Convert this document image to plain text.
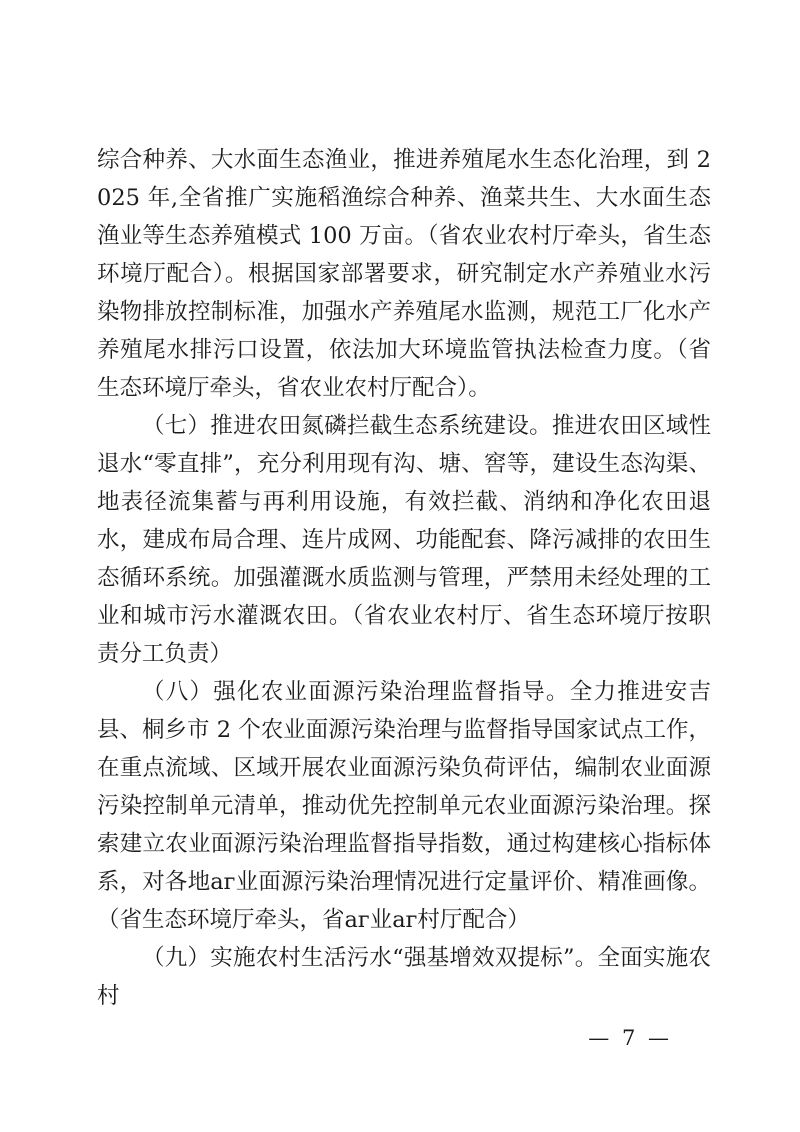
综合种养、大水面生态渔业，推进养殖尾水生态化治理，到 2025 年,全省推广实施稻渔综合种养、渔菜共生、大水面生态渔业等生态养殖模式 100 万亩。（省农业农村厅牵头，省生态环境厅配合）。根据国家部署要求，研究制定水产养殖业水污染物排放控制标准，加强水产养殖尾水监测，规范工厂化水产养殖尾水排污口设置，依法加大环境监管执法检查力度。（省生态环境厅牵头，省农业农村厅配合）。

（七）推进农田氮磷拦截生态系统建设。推进农田区域性退水“零直排”，充分利用现有沟、塘、窖等，建设生态沟渠、地表径流集蓄与再利用设施，有效拦截、消纳和净化农田退水，建成布局合理、连片成网、功能配套、降污减排的农田生态循环系统。加强灌溉水质监测与管理，严禁用未经处理的工业和城市污水灌溉农田。（省农业农村厅、省生态环境厅按职责分工负责）

（八）强化农业面源污染治理监督指导。全力推进安吉县、桐乡市 2 个农业面源污染治理与监督指导国家试点工作，在重点流域、区域开展农业面源污染负荷评估，编制农业面源污染控制单元清单，推动优先控制单元农业面源污染治理。探索建立农业面源污染治理监督指导指数，通过构建核心指标体系，对各地аг业面源污染治理情况进行定量评价、精准画像。（省生态环境厅牵头，省аг业аг村厅配合）

（九）实施农村生活污水“强基增效双提标”。全面实施农村

— 7 —
